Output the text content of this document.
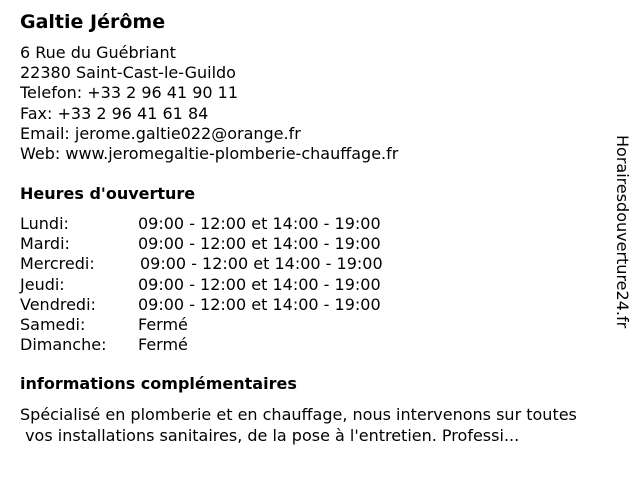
Galtie Jérôme
6 Rue du Guébriant
22380 Saint-Cast-le-Guildo
Telefon: +33 2 96 41 90 11
Fax: +33 2 96 41 61 84
Email: jerome.galtie022@orange.fr
Web: www.jeromegaltie-plomberie-chauffage.fr
Heures d'ouverture
Lundi:	09:00 - 12:00 et 14:00 - 19:00
Mardi:	09:00 - 12:00 et 14:00 - 19:00
Mercredi:	09:00 - 12:00 et 14:00 - 19:00
Jeudi:	09:00 - 12:00 et 14:00 - 19:00
Vendredi:	09:00 - 12:00 et 14:00 - 19:00
Samedi:	Fermé
Dimanche: Fermé
informations complémentaires
Spécialisé en plomberie et en chauffage, nous intervenons sur toutes
vos installations sanitaires, de la pose à l'entretien. Professi...
Horairesdouverture24.fr
